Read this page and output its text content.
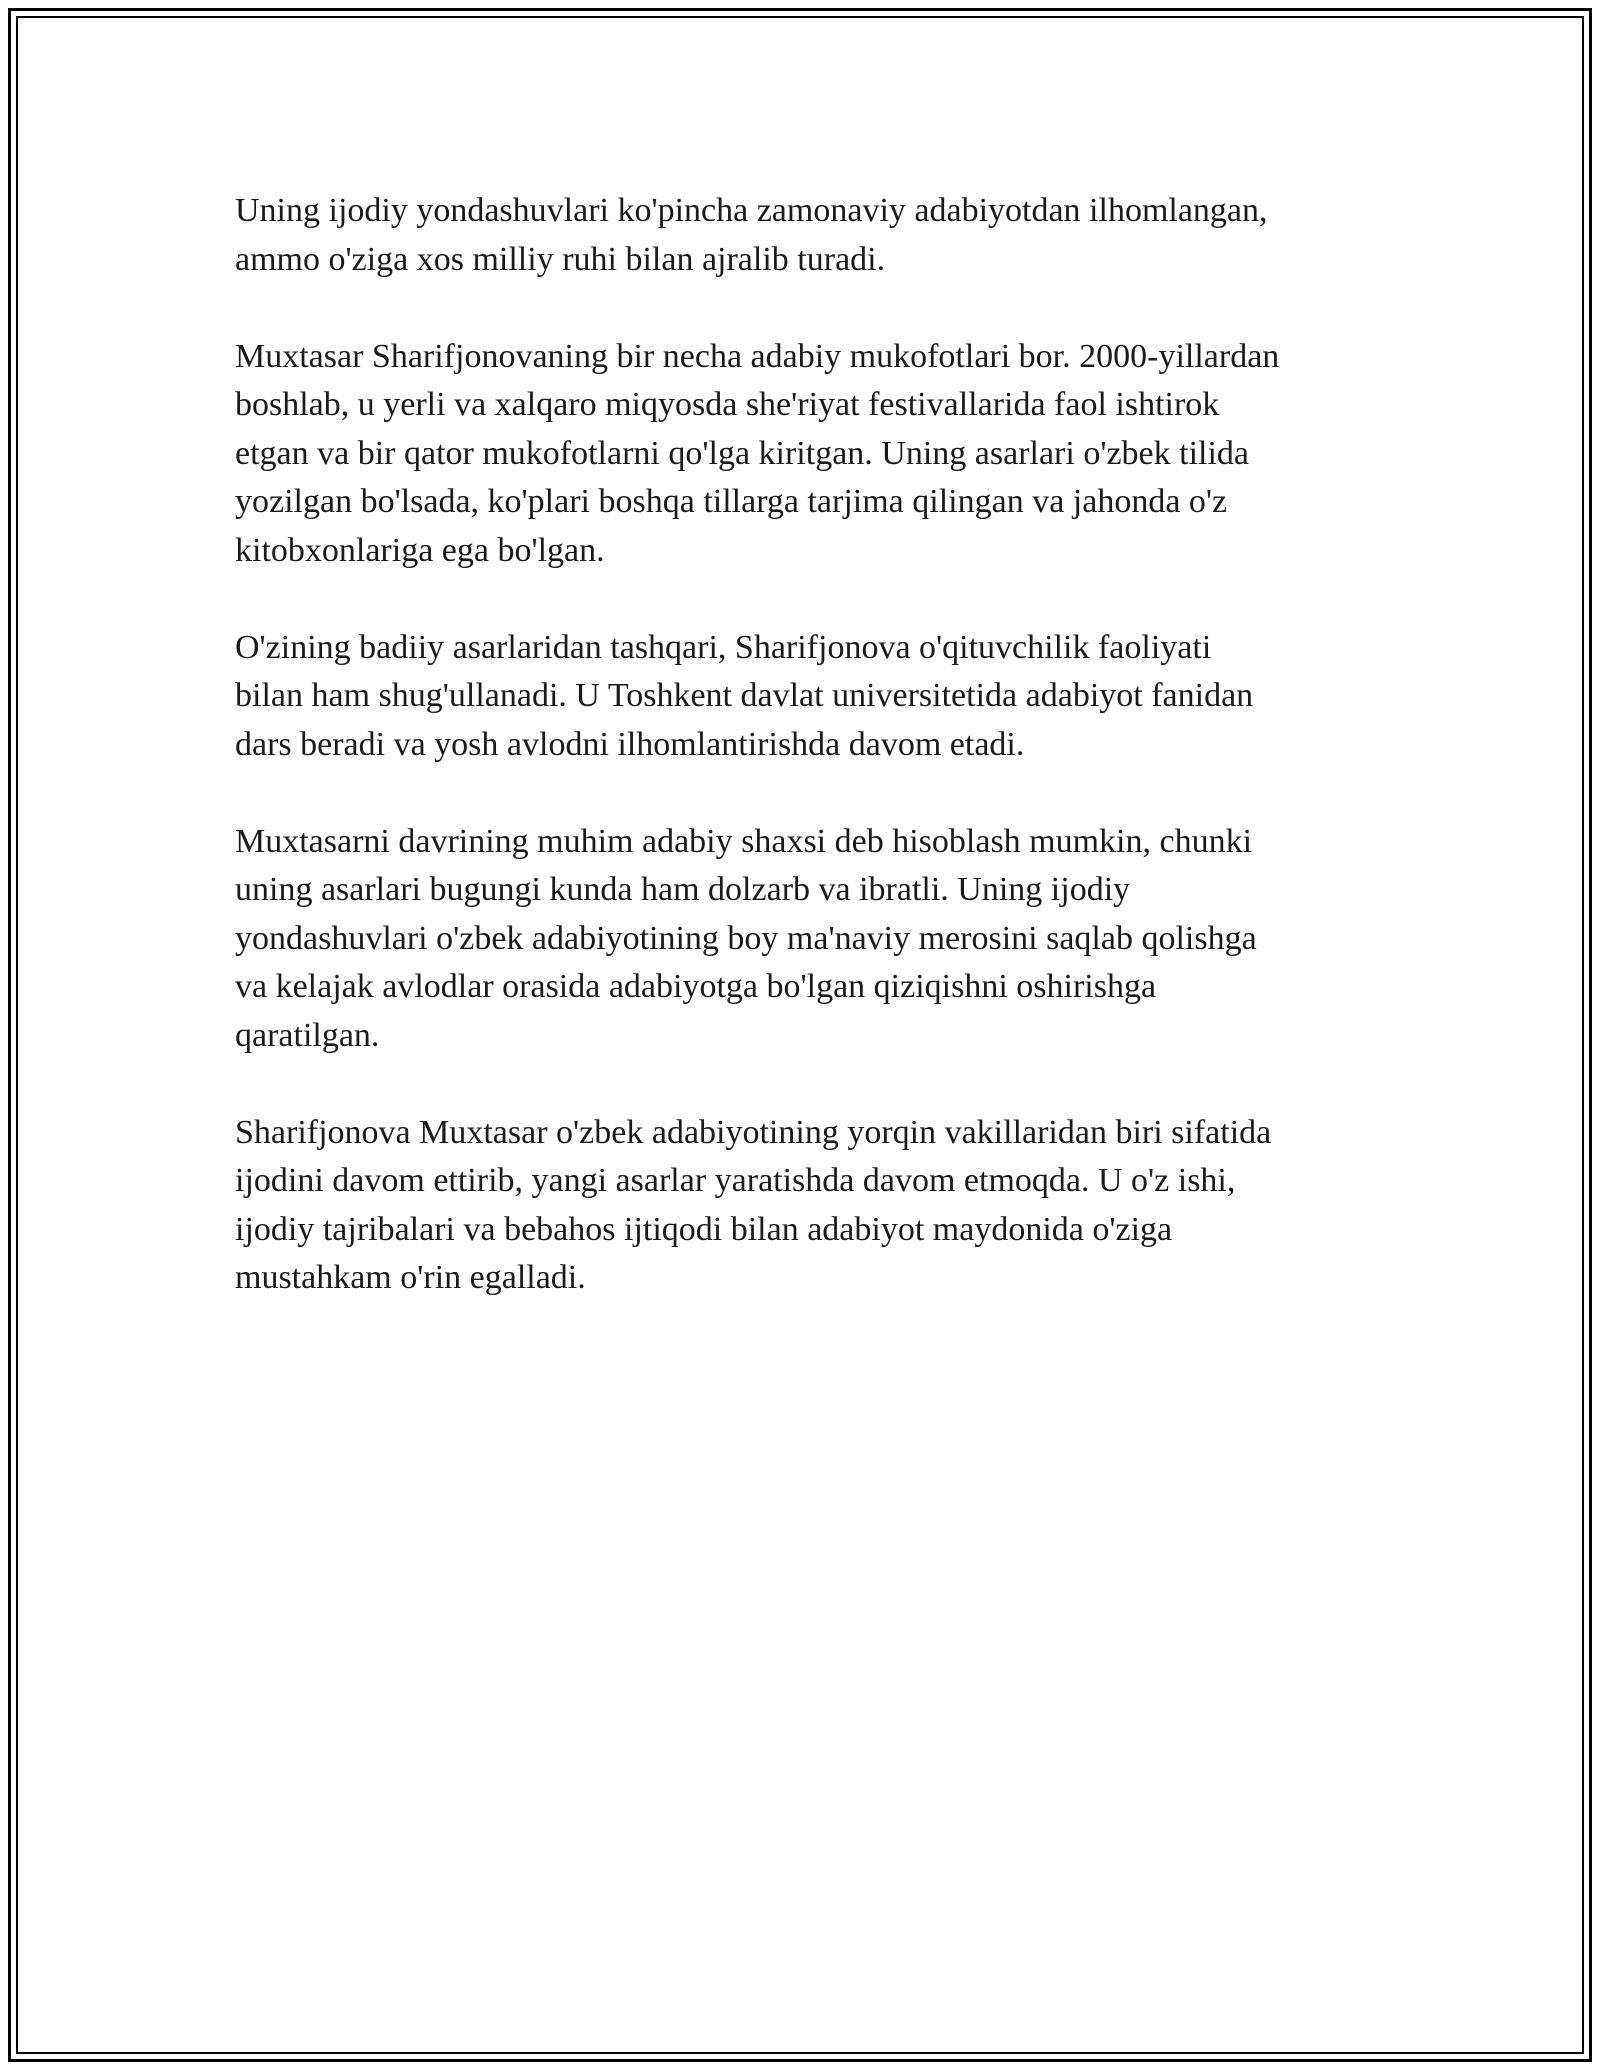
Uning ijodiy yondashuvlari ko'pincha zamonaviy adabiyotdan ilhomlangan,
ammo o'ziga xos milliy ruhi bilan ajralib turadi.

Muxtasar Sharifjonovaning bir necha adabiy mukofotlari bor. 2000-yillardan
boshlab, u yerli va xalqaro miqyosda she'riyat festivallarida faol ishtirok
etgan va bir qator mukofotlarni qo'lga kiritgan. Uning asarlari o'zbek tilida
yozilgan bo'lsada, ko'plari boshqa tillarga tarjima qilingan va jahonda o'z
kitobxonlariga ega bo'lgan.

O'zining badiiy asarlaridan tashqari, Sharifjonova o'qituvchilik faoliyati
bilan ham shug'ullanadi. U Toshkent davlat universitetida adabiyot fanidan
dars beradi va yosh avlodni ilhomlantirishda davom etadi.

Muxtasarni davrining muhim adabiy shaxsi deb hisoblash mumkin, chunki
uning asarlari bugungi kunda ham dolzarb va ibratli. Uning ijodiy
yondashuvlari o'zbek adabiyotining boy ma'naviy merosini saqlab qolishga
va kelajak avlodlar orasida adabiyotga bo'lgan qiziqishni oshirishga
qaratilgan.

Sharifjonova Muxtasar o'zbek adabiyotining yorqin vakillaridan biri sifatida
ijodini davom ettirib, yangi asarlar yaratishda davom etmoqda. U o'z ishi,
ijodiy tajribalari va bebahos ijtiqodi bilan adabiyot maydonida o'ziga
mustahkam o'rin egalladi.
